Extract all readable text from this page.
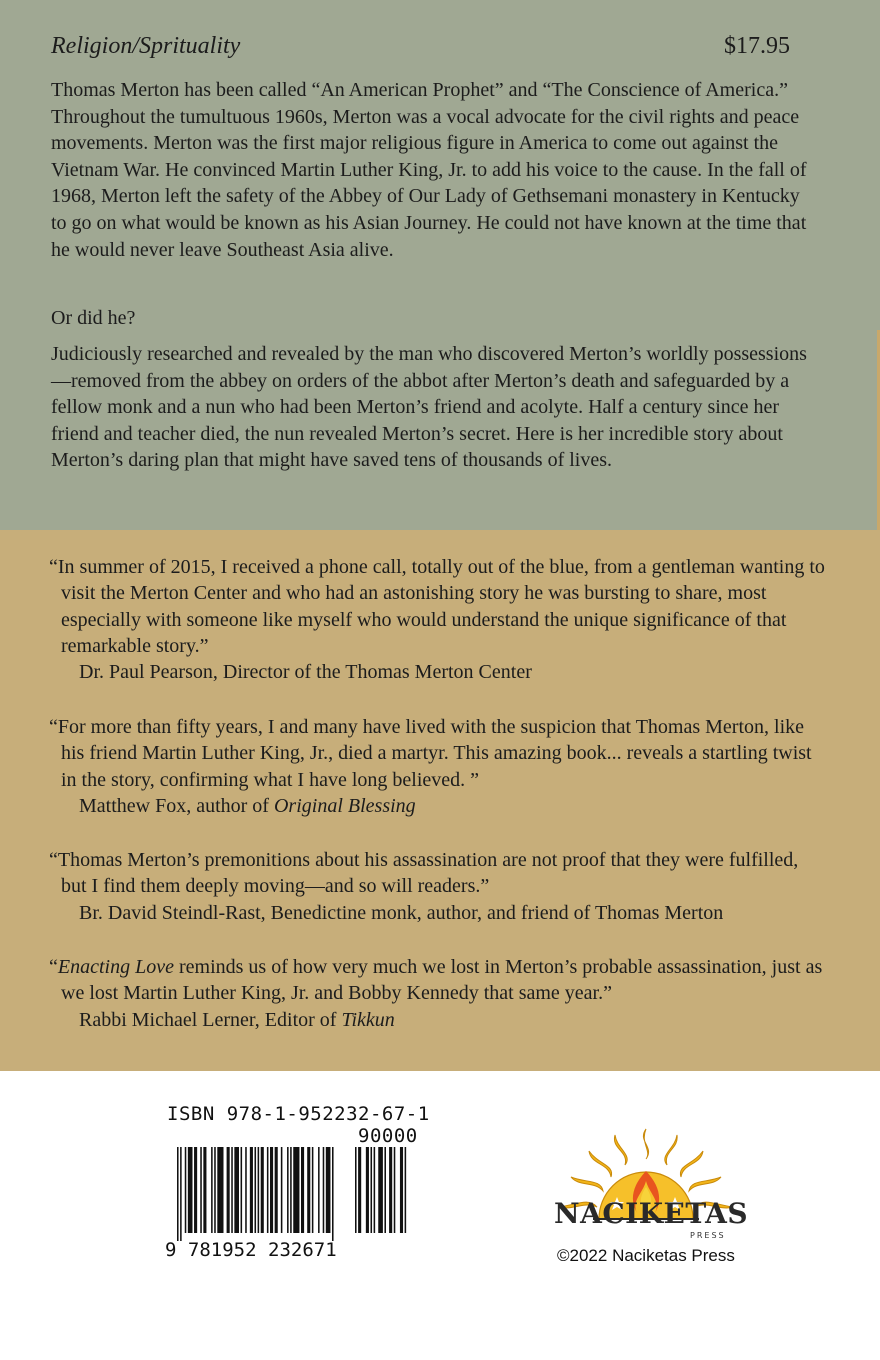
Religion/Sprituality	$17.95

Thomas Merton has been called “An American Prophet” and “The Conscience of America.” Throughout the tumultuous 1960s, Merton was a vocal advocate for the civil rights and peace movements. Merton was the first major religious figure in America to come out against the Vietnam War. He convinced Martin Luther King, Jr. to add his voice to the cause. In the fall of 1968, Merton left the safety of the Abbey of Our Lady of Gethsemani monastery in Kentucky to go on what would be known as his Asian Journey. He could not have known at the time that he would never leave Southeast Asia alive.

Or did he?

Judiciously researched and revealed by the man who discovered Merton’s worldly possessions—removed from the abbey on orders of the abbot after Merton’s death and safeguarded by a fellow monk and a nun who had been Merton’s friend and acolyte. Half a century since her friend and teacher died, the nun revealed Merton’s secret. Here is her incredible story about Merton’s daring plan that might have saved tens of thousands of lives.

“In summer of 2015, I received a phone call, totally out of the blue, from a gentleman wanting to visit the Merton Center and who had an astonishing story he was bursting to share, most especially with someone like myself who would understand the unique significance of that remarkable story.”
Dr. Paul Pearson, Director of the Thomas Merton Center
“For more than fifty years, I and many have lived with the suspicion that Thomas Merton, like his friend Martin Luther King, Jr., died a martyr. This amazing book... reveals a startling twist in the story, confirming what I have long believed. ”
Matthew Fox, author of Original Blessing
“Thomas Merton’s premonitions about his assassination are not proof that they were fulfilled, but I find them deeply moving—and so will readers.”
Br. David Steindl-Rast, Benedictine monk, author, and friend of Thomas Merton
“Enacting Love reminds us of how very much we lost in Merton’s probable assassination, just as we lost Martin Luther King, Jr. and Bobby Kennedy that same year.”
Rabbi Michael Lerner, Editor of Tikkun
ISBN 978-1-952232-67-1
90000
9 781952 232671
NACIKETAS
PRESS
©2022 Naciketas Press
